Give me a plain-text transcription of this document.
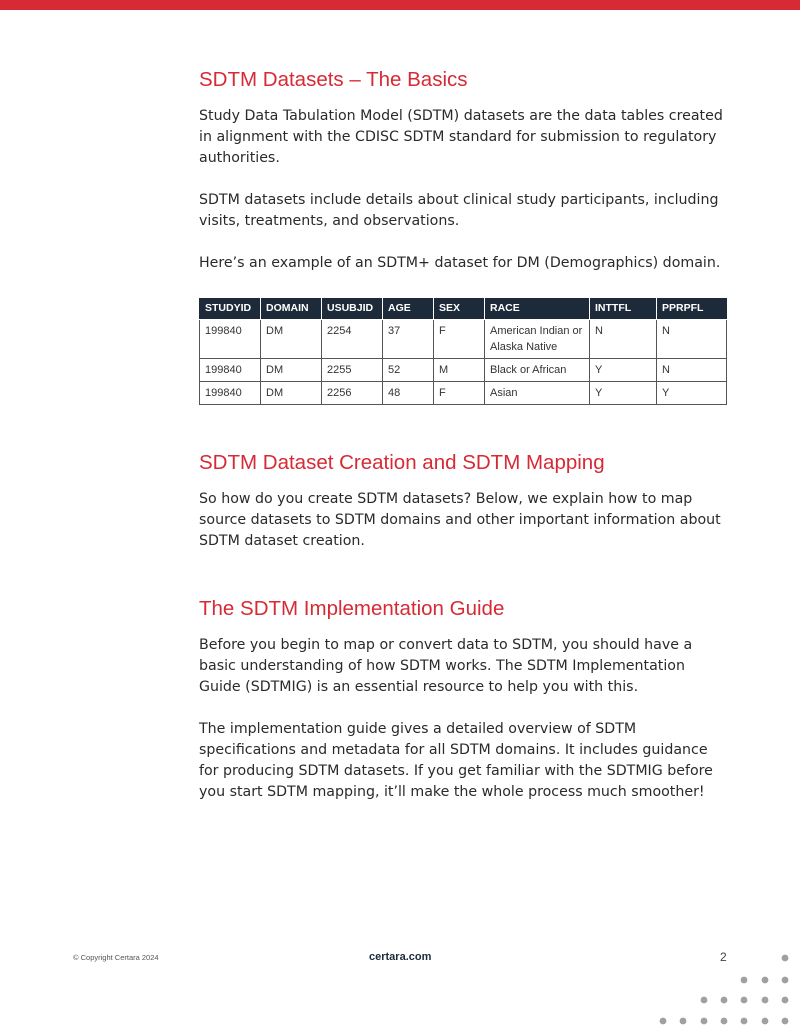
SDTM Datasets – The Basics

Study Data Tabulation Model (SDTM) datasets are the data tables created in alignment with the CDISC SDTM standard for submission to regulatory authorities.

SDTM datasets include details about clinical study participants, including visits, treatments, and observations.

Here’s an example of an SDTM+ dataset for DM (Demographics) domain.

STUDYID	DOMAIN	USUBJID	AGE	SEX	RACE	INTTFL	PPRPFL
199840	DM	2254	37	F	American Indian or Alaska Native	N	N
199840	DM	2255	52	M	Black or African	Y	N
199840	DM	2256	48	F	Asian	Y	Y
SDTM Dataset Creation and SDTM Mapping

So how do you create SDTM datasets? Below, we explain how to map source datasets to SDTM domains and other important information about SDTM dataset creation.

The SDTM Implementation Guide

Before you begin to map or convert data to SDTM, you should have a basic understanding of how SDTM works. The SDTM Implementation Guide (SDTMIG) is an essential resource to help you with this.

The implementation guide gives a detailed overview of SDTM specifications and metadata for all SDTM domains. It includes guidance for producing SDTM datasets. If you get familiar with the SDTMIG before you start SDTM mapping, it’ll make the whole process much smoother!

© Copyright Certara 2024	certara.com	2
